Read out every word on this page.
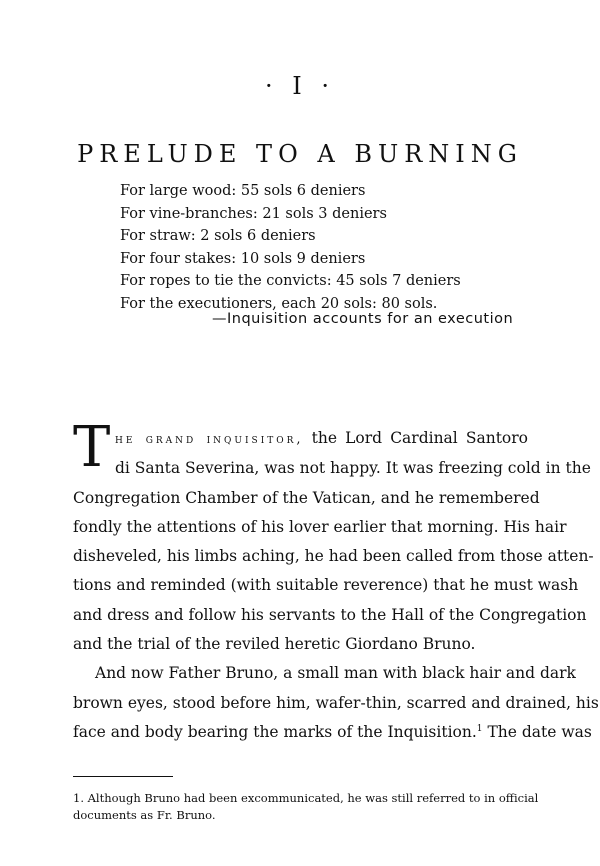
· I ·
PRELUDE TO A BURNING
For large wood: 55 sols 6 deniers
For vine-branches: 21 sols 3 deniers
For straw: 2 sols 6 deniers
For four stakes: 10 sols 9 deniers
For ropes to tie the convicts: 45 sols 7 deniers
For the executioners, each 20 sols: 80 sols.
—Inquisition accounts for an execution
T he grand inquisitor, the Lord Cardinal Santoro
di Santa Severina, was not happy. It was freezing cold in the
Congregation Chamber of the Vatican, and he remembered
fondly the attentions of his lover earlier that morning. His hair
disheveled, his limbs aching, he had been called from those atten-
tions and reminded (with suitable reverence) that he must wash
and dress and follow his servants to the Hall of the Congregation
and the trial of the reviled heretic Giordano Bruno.
And now Father Bruno, a small man with black hair and dark
brown eyes, stood before him, wafer-thin, scarred and drained, his
face and body bearing the marks of the Inquisition.$^1$ The date was
1. Although Bruno had been excommunicated, he was still referred to in official
documents as Fr. Bruno.
